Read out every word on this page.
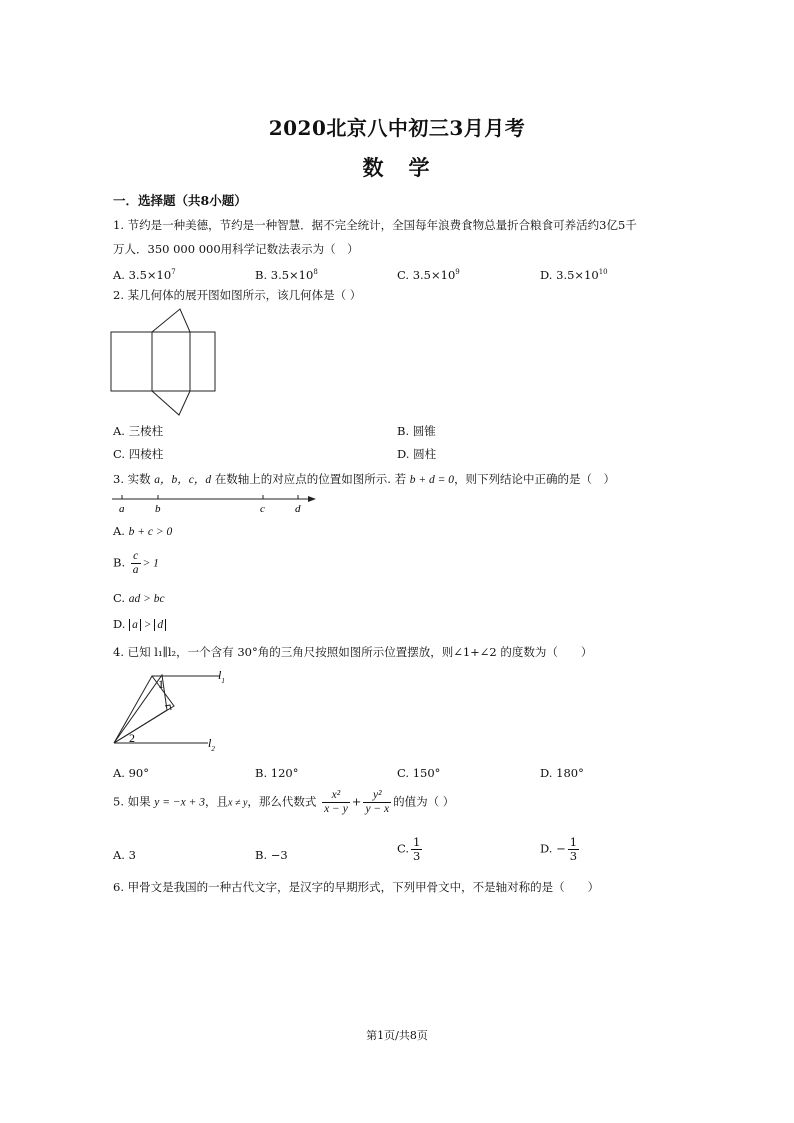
2020北京八中初三3月月考
数　学
一．选择题（共8小题）
1. 节约是一种美德，节约是一种智慧．据不完全统计，全国每年浪费食物总量折合粮食可养活约3亿5千
万人．350 000 000用科学记数法表示为（　）
A. $3.5\times 10^7$	B. $3.5\times 10^8$	C. $3.5\times 10^9$	D. $3.5\times 10^{10}$
2. 某几何体的展开图如图所示，该几何体是（ ）
A. 三棱柱	B. 圆锥
C. 四棱柱	D. 圆柱
3. 实数 a，b，c，d 在数轴上的对应点的位置如图所示. 若 b + d = 0，则下列结论中正确的是（　）
a	b	c	d
A. b + c > 0
B. $\frac{c}{a} > 1$
C. ad > bc
D. a > d
4. 已知 l₁∥l₂，一个含有 30°角的三角尺按照如图所示位置摆放，则∠1+∠2 的度数为（　　）
1
2
$l_1$
$l_2$
A. 90°	B. 120°	C. 150°	D. 180°
5. 如果 y = −x + 3，且x ≠ y，那么代数式 $\frac{\text{x²}}{x - y} + \frac{\text{y²}}{y - x}$ 的值为（ ）
A. 3	B. −3	C. $\frac{1}{3}$	D. − $\frac{1}{3}$
6. 甲骨文是我国的一种古代文字，是汉字的早期形式，下列甲骨文中，不是轴对称的是（　　）
第1页/共8页
